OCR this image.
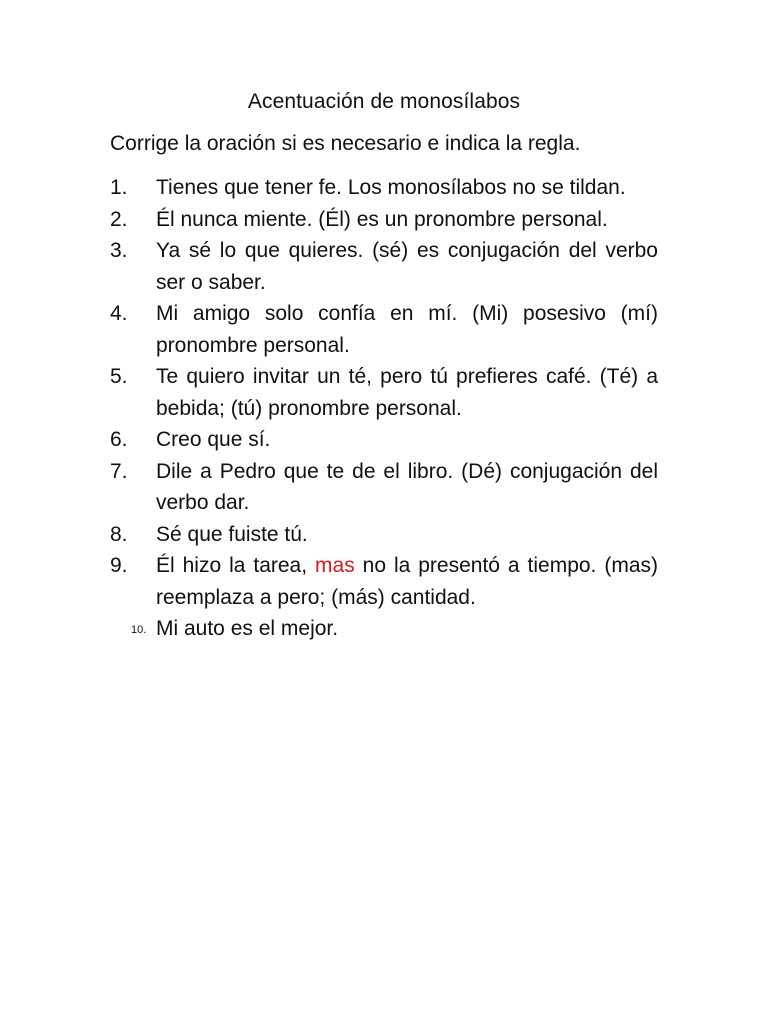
Acentuación de monosílabos
Corrige la oración si es necesario e indica la regla.
1.	Tienes que tener fe. Los monosílabos no se tildan.
2.	Él nunca miente. (Él) es un pronombre personal.
3.	Ya sé lo que quieres. (sé) es conjugación del verbo ser o saber.
4.	Mi amigo solo confía en mí. (Mi) posesivo (mí) pronombre personal.
5.	Te quiero invitar un té, pero tú prefieres café. (Té) a bebida; (tú) pronombre personal.
6.	Creo que sí.
7.	Dile a Pedro que te de el libro. (Dé) conjugación del verbo dar.
8.	Sé que fuiste tú.
9.	Él hizo la tarea, mas no la presentó a tiempo. (mas) reemplaza a pero; (más) cantidad.
10. Mi auto es el mejor.
